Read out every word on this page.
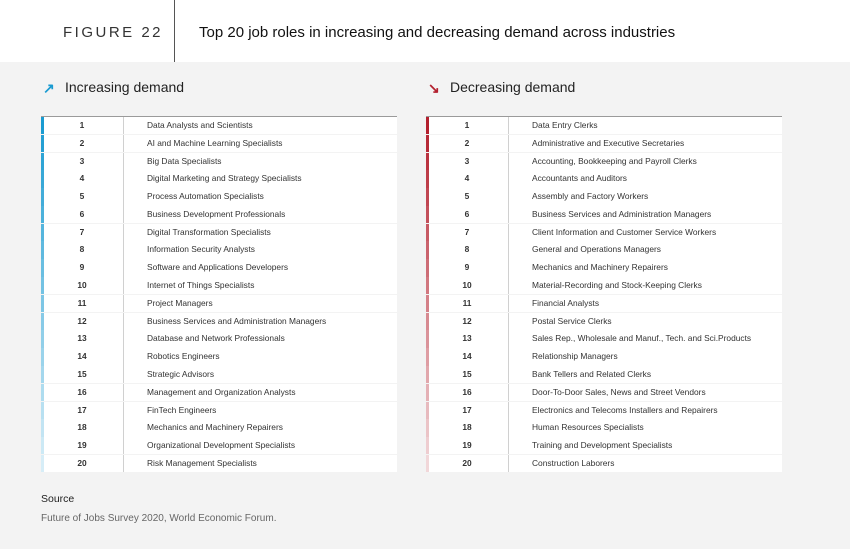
FIGURE 22 Top 20 job roles in increasing and decreasing demand across industries
↗ Increasing demand
1	Data Analysts and Scientists
2	AI and Machine Learning Specialists
3	Big Data Specialists
4	Digital Marketing and Strategy Specialists
5	Process Automation Specialists
6	Business Development Professionals
7	Digital Transformation Specialists
8	Information Security Analysts
9	Software and Applications Developers
10	Internet of Things Specialists
11	Project Managers
12	Business Services and Administration Managers
13	Database and Network Professionals
14	Robotics Engineers
15	Strategic Advisors
16	Management and Organization Analysts
17	FinTech Engineers
18	Mechanics and Machinery Repairers
19	Organizational Development Specialists
20	Risk Management Specialists
↘ Decreasing demand
1	Data Entry Clerks
2	Administrative and Executive Secretaries
3	Accounting, Bookkeeping and Payroll Clerks
4	Accountants and Auditors
5	Assembly and Factory Workers
6	Business Services and Administration Managers
7	Client Information and Customer Service Workers
8	General and Operations Managers
9	Mechanics and Machinery Repairers
10	Material-Recording and Stock-Keeping Clerks
11	Financial Analysts
12	Postal Service Clerks
13	Sales Rep., Wholesale and Manuf., Tech. and Sci.Products
14	Relationship Managers
15	Bank Tellers and Related Clerks
16	Door-To-Door Sales, News and Street Vendors
17	Electronics and Telecoms Installers and Repairers
18	Human Resources Specialists
19	Training and Development Specialists
20	Construction Laborers
Source
Future of Jobs Survey 2020, World Economic Forum.
